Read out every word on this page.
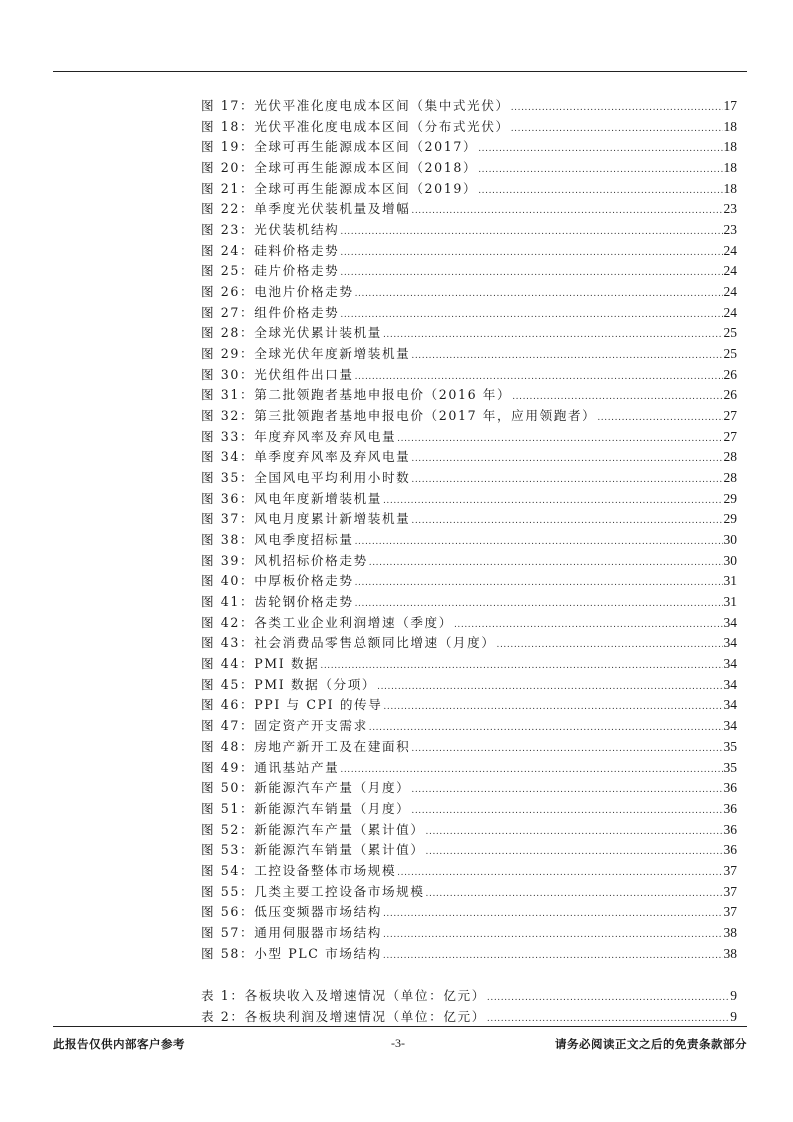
图 17：光伏平准化度电成本区间（集中式光伏） .....	17
图 18：光伏平准化度电成本区间（分布式光伏） .....	18
图 19：全球可再生能源成本区间（2017） .....	18
图 20：全球可再生能源成本区间（2018） .....	18
图 21：全球可再生能源成本区间（2019） .....	18
图 22：单季度光伏装机量及增幅 .....	23
图 23：光伏装机结构 .....	23
图 24：硅料价格走势 .....	24
图 25：硅片价格走势 .....	24
图 26：电池片价格走势 .....	24
图 27：组件价格走势 .....	24
图 28：全球光伏累计装机量 .....	25
图 29：全球光伏年度新增装机量 .....	25
图 30：光伏组件出口量 .....	26
图 31：第二批领跑者基地申报电价（2016 年） .....	26
图 32：第三批领跑者基地申报电价（2017 年，应用领跑者） .....	27
图 33：年度弃风率及弃风电量 .....	27
图 34：单季度弃风率及弃风电量 .....	28
图 35：全国风电平均利用小时数 .....	28
图 36：风电年度新增装机量 .....	29
图 37：风电月度累计新增装机量 .....	29
图 38：风电季度招标量 .....	30
图 39：风机招标价格走势 .....	30
图 40：中厚板价格走势 .....	31
图 41：齿轮钢价格走势 .....	31
图 42：各类工业企业利润增速（季度） .....	34
图 43：社会消费品零售总额同比增速（月度） .....	34
图 44：PMI 数据 .....	34
图 45：PMI 数据（分项） .....	34
图 46：PPI 与 CPI 的传导 .....	34
图 47：固定资产开支需求 .....	34
图 48：房地产新开工及在建面积 .....	35
图 49：通讯基站产量 .....	35
图 50：新能源汽车产量（月度） .....	36
图 51：新能源汽车销量（月度） .....	36
图 52：新能源汽车产量（累计值） .....	36
图 53：新能源汽车销量（累计值） .....	36
图 54：工控设备整体市场规模 .....	37
图 55：几类主要工控设备市场规模 .....	37
图 56：低压变频器市场结构 .....	37
图 57：通用伺服器市场结构 .....	38
图 58：小型 PLC 市场结构 .....	38
表 1：各板块收入及增速情况（单位：亿元） .....	9
表 2：各板块利润及增速情况（单位：亿元） .....	9
此报告仅供内部客户参考	-3-	请务必阅读正文之后的免责条款部分
